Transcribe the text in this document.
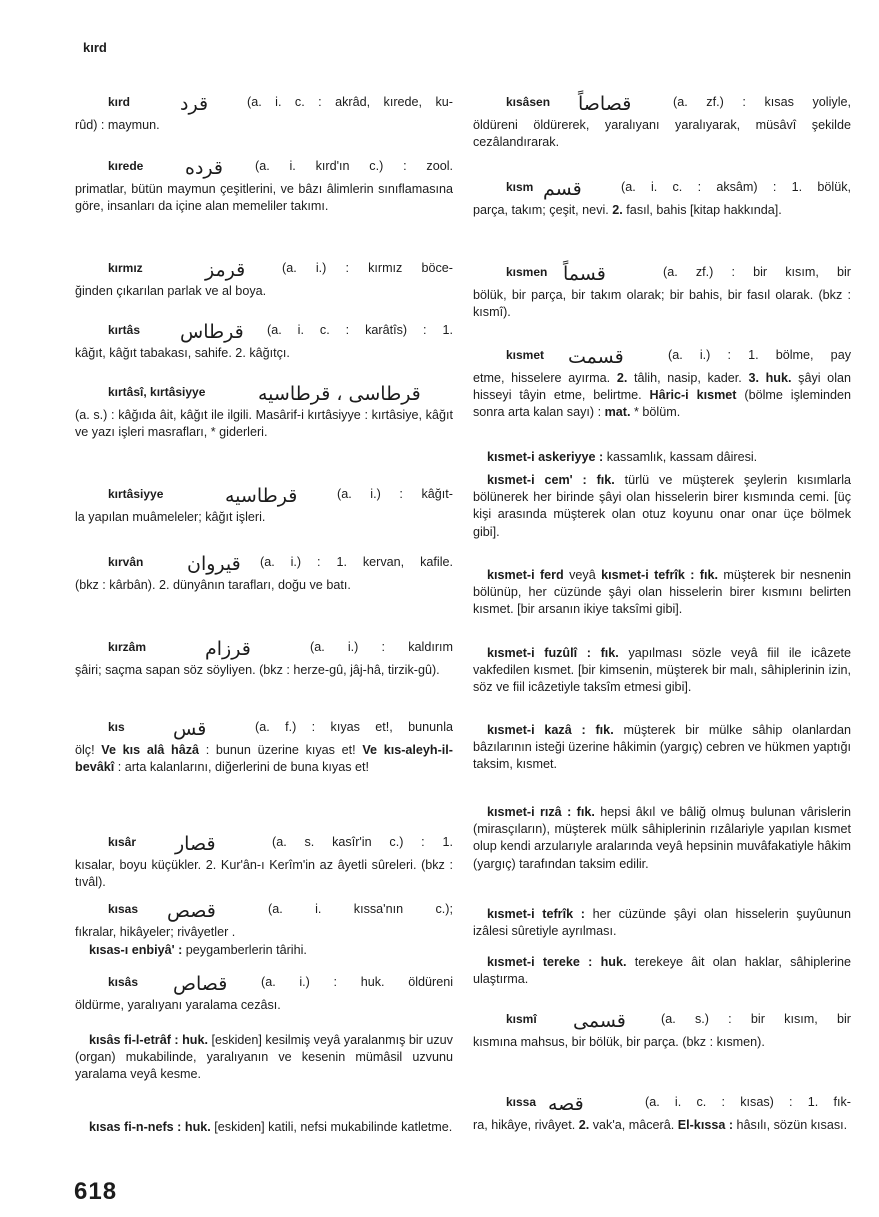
kırd
kırd	قرد	(a. i. c. : akrâd, kırede, ku-
rûd) : maymun.
kırede قردﻩ	(a. i. kırd'ın c.) : zool.
primatlar, bütün maymun çeşitlerini, ve bâzı âlimlerin sınıflamasına göre, insanları da içine alan memeliler takımı.
kırmız	قرمز	(a. i.) : kırmız böce-
ğinden çıkarılan parlak ve al boya.
kırtâs قرطاس (a. i. c. : karâtîs) : 1.
kâğıt, kâğıt tabakası, sahife. 2. kâğıtçı.
kırtâsî, kırtâsiyye	قرطاسى ، قرطاسيه
(a. s.) : kâğıda âit, kâğıt ile ilgili. Masârif-i kırtâsiyye : kırtâsiye, kâğıt ve yazı işleri masrafları, * giderleri.
kırtâsiyye	قرطاسيه	(a. i.) : kâğıt-
la yapılan muâmeleler; kâğıt işleri.
kırvân قيروان (a. i.) : 1. kervan, kafile.
(bkz : kârbân). 2. dünyânın tarafları, doğu ve batı.
kırzâm	قرزام	(a. i.) : kaldırım
şâiri; saçma sapan söz söyliyen. (bkz : herze-gû, jâj-hâ, tirzik-gû).
kıs	قس	(a. f.) : kıyas et!, bununla
ölç! Ve kıs alâ hâzâ : bunun üzerine kıyas et! Ve kıs-aleyh-il-bevâkî : arta kalanlarını, diğerlerini de buna kıyas et!
kısâr قصار	(a. s. kasîr'in c.) : 1.
kısalar, boyu küçükler. 2. Kur'ân-ı Kerîm'in az âyetli sûreleri. (bkz : tıvâl).
kısas قصص	(a. i. kıssa'nın c.);
fıkralar, hikâyeler; rivâyetler .
kısas-ı enbiyâ' : peygamberlerin târihi.
kısâs قصاص	(a. i.) : huk. öldüreni
öldürme, yaralıyanı yaralama cezâsı.
kısâs fi-l-etrâf : huk. [eskiden] kesilmiş veyâ yaralanmış bir uzuv (organ) mukabilinde, yaralıyanın ve kesenin mümâsil uzvunu yaralama veyâ kesme.
kısas fi-n-nefs : huk. [eskiden] katili, nefsi mukabilinde katletme.
kısâsen قصاصاً	(a. zf.) : kısas yoliyle,
öldüreni öldürerek, yaralıyanı yaralıyarak, müsâvî şekilde cezâlandırarak.
kısm قسم	(a. i. c. : aksâm) : 1. bölük,
parça, takım; çeşit, nevi. 2. fasıl, bahis [kitap hakkında].
kısmen قسماً	(a. zf.) : bir kısım, bir
bölük, bir parça, bir takım olarak; bir bahis, bir fasıl olarak. (bkz : kısmî).
kısmet قسمت	(a. i.) : 1. bölme, pay
etme, hisselere ayırma. 2. tâlih, nasip, kader. 3. huk. şâyi olan hisseyi tâyin etme, belirtme. Hâric-i kısmet (bölme işleminden sonra arta kalan sayı) : mat. * bölüm.
kısmet-i askeriyye : kassamlık, kassam dâiresi.
kısmet-i cem' : fık. türlü ve müşterek şeylerin kısımlarla bölünerek her birinde şâyi olan hisselerin birer kısmında cemi. [üç kişi arasında müşterek olan otuz koyunu onar onar üçe bölmek gibi].
kısmet-i ferd veyâ kısmet-i tefrîk : fık. müşterek bir nesnenin bölünüp, her cüzünde şâyi olan hisselerin birer kısmını belirten kısmet. [bir arsanın ikiye taksîmi gibi].
kısmet-i fuzûlî : fık. yapılması sözle veyâ fiil ile icâzete vakfedilen kısmet. [bir kimsenin, müşterek bir malı, sâhiplerinin izin, söz ve fiil icâzetiyle taksîm etmesi gibi].
kısmet-i kazâ : fık. müşterek bir mülke sâhip olanlardan bâzılarının isteği üzerine hâkimin (yargıç) cebren ve hükmen yaptığı taksim, kısmet.
kısmet-i rızâ : fık. hepsi âkıl ve bâliğ olmuş bulunan vârislerin (mirasçıların), müşterek mülk sâhiplerinin rızâlariyle yapılan kısmet olup kendi arzularıyle aralarında veyâ hepsinin muvâfakatiyle hâkim (yargıç) tarafından taksim edilir.
kısmet-i tefrîk : her cüzünde şâyi olan hisselerin şuyûunun izâlesi sûretiyle ayrılması.
kısmet-i tereke : huk. terekeye âit olan haklar, sâhiplerine ulaştırma.
kısmî قسمى	(a. s.) : bir kısım, bir
kısmına mahsus, bir bölük, bir parça. (bkz : kısmen).
kıssa قصه	(a. i. c. : kısas) : 1. fık-
ra, hikâye, rivâyet. 2. vak'a, mâcerâ. El-kıssa : hâsılı, sözün kısası.
618
